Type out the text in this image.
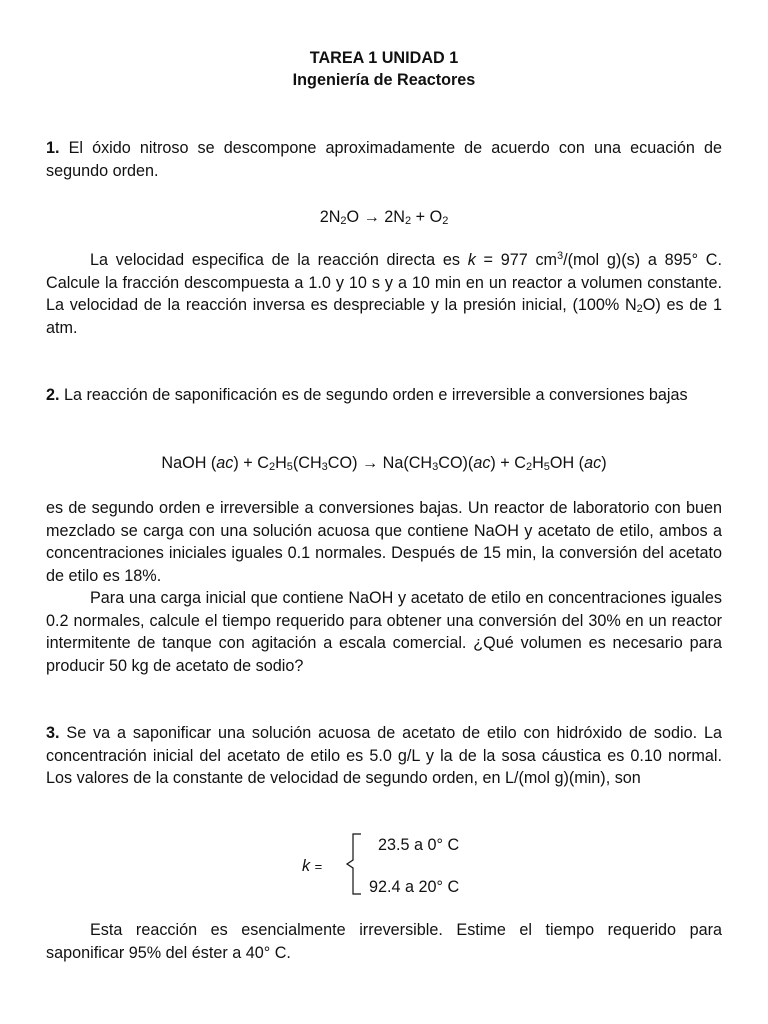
TAREA 1 UNIDAD 1
Ingeniería de Reactores
1. El óxido nitroso se descompone aproximadamente de acuerdo con una ecuación de segundo orden.
$2N_2O \to 2N_2 + O_2$
La velocidad especifica de la reacción directa es k = 977 $cm^3/(mol$ g)(s) a 895° C. Calcule la fracción descompuesta a 1.0 y 10 s y a 10 min en un reactor a volumen constante. La velocidad de la reacción inversa es despreciable y la presión inicial, (100% $N_2O$) es de 1 atm.
2. La reacción de saponificación es de segundo orden e irreversible a conversiones bajas
NaOH $(ac) + C_2H_5(CH_3CO) \to Na(CH_3CO)(ac) + C_2H_5OH$ (ac)
es de segundo orden e irreversible a conversiones bajas. Un reactor de laboratorio con buen mezclado se carga con una solución acuosa que contiene NaOH y acetato de etilo, ambos a concentraciones iniciales iguales 0.1 normales. Después de 15 min, la conversión del acetato de etilo es 18%.
Para una carga inicial que contiene NaOH y acetato de etilo en concentraciones iguales 0.2 normales, calcule el tiempo requerido para obtener una conversión del 30% en un reactor intermitente de tanque con agitación a escala comercial. ¿Qué volumen es necesario para producir 50 kg de acetato de sodio?
3. Se va a saponificar una solución acuosa de acetato de etilo con hidróxido de sodio. La concentración inicial del acetato de etilo es 5.0 g/L y la de la sosa cáustica es 0.10 normal. Los valores de la constante de velocidad de segundo orden, en L/(mol g)(min), son
k =
23.5 a 0° C
92.4 a 20° C
Esta reacción es esencialmente irreversible. Estime el tiempo requerido para saponificar 95% del éster a 40° C.
